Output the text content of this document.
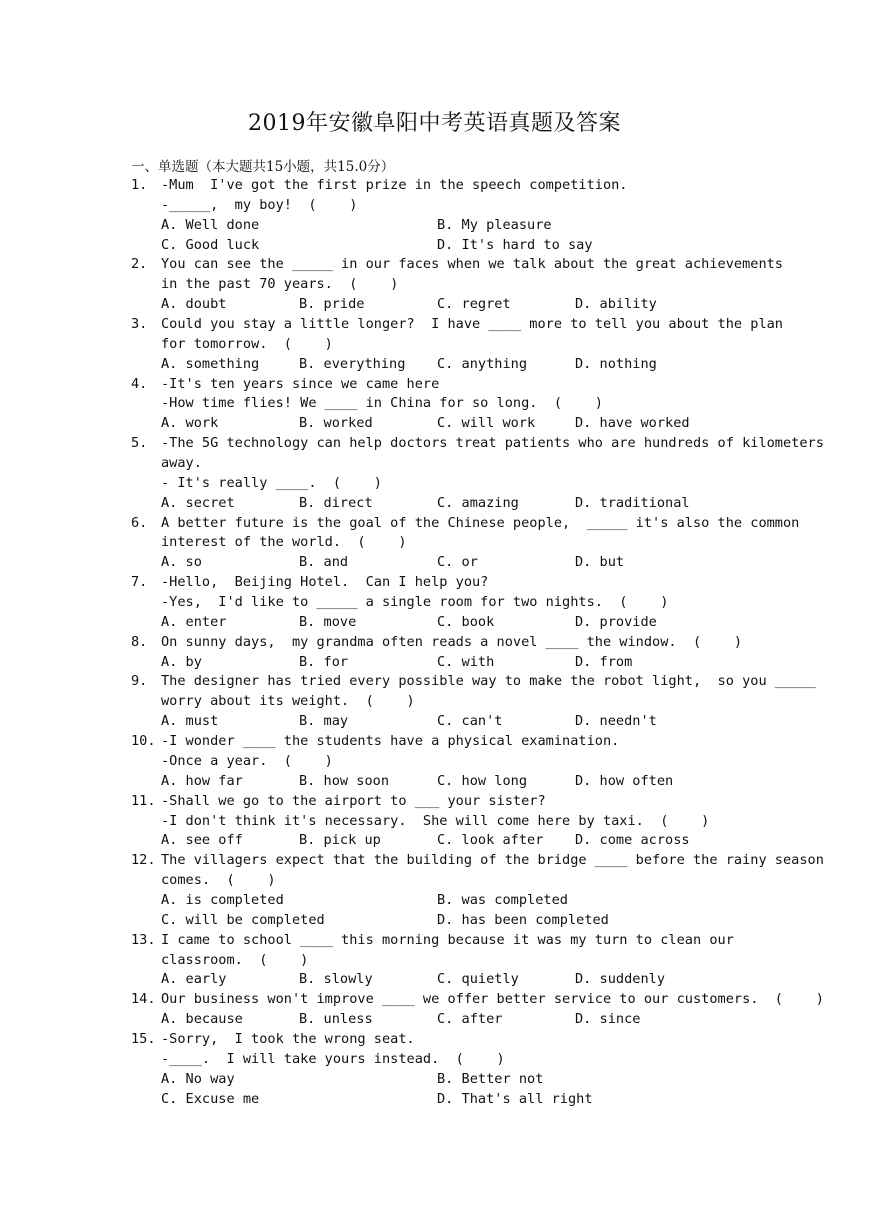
2019年安徽阜阳中考英语真题及答案
一、单选题（本大题共15小题，共15.0分）
1.	-Mum  I've got the first prize in the speech competition.
-_____,  my boy!  (    )
A. Well done	B. My pleasure
C. Good luck	D. It's hard to say
2.	You can see the _____ in our faces when we talk about the great achievements
in the past 70 years.  (    )
A. doubt	B. pride	C. regret	D. ability
3.	Could you stay a little longer?  I have ____ more to tell you about the plan
for tomorrow.  (    )
A. something	B. everything C. anything	D. nothing
4.	-It's ten years since we came here
-How time flies! We ____ in China for so long.  (    )
A. work	B. worked	C. will work	D. have worked
5.	-The 5G technology can help doctors treat patients who are hundreds of kilometers
away.
- It's really ____.  (    )
A. secret	B. direct	C. amazing	D. traditional
6.	A better future is the goal of the Chinese people,  _____ it's also the common
interest of the world.  (    )
A. so	B. and	C. or	D. but
7.	-Hello,  Beijing Hotel.  Can I help you?
-Yes,  I'd like to _____ a single room for two nights.  (    )
A. enter	B. move	C. book	D. provide
8.	On sunny days,  my grandma often reads a novel ____ the window.  (    )
A. by	B. for	C. with	D. from
9.	The designer has tried every possible way to make the robot light,  so you _____
worry about its weight.  (    )
A. must	B. may	C. can't	D. needn't
10. -I wonder ____ the students have a physical examination.
-Once a year.  (    )
A. how far	B. how soon	C. how long	D. how often
11. -Shall we go to the airport to ___ your sister?
-I don't think it's necessary.  She will come here by taxi.  (    )
A. see off	B. pick up	C. look after D. come across
12. The villagers expect that the building of the bridge ____ before the rainy season
comes.  (    )
A. is completed	B. was completed
C. will be completed	D. has been completed
13. I came to school ____ this morning because it was my turn to clean our
classroom.  (    )
A. early	B. slowly	C. quietly	D. suddenly
14. Our business won't improve ____ we offer better service to our customers.  (    )
A. because	B. unless	C. after	D. since
15. -Sorry,  I took the wrong seat.
-____.  I will take yours instead.  (    )
A. No way	B. Better not
C. Excuse me	D. That's all right
